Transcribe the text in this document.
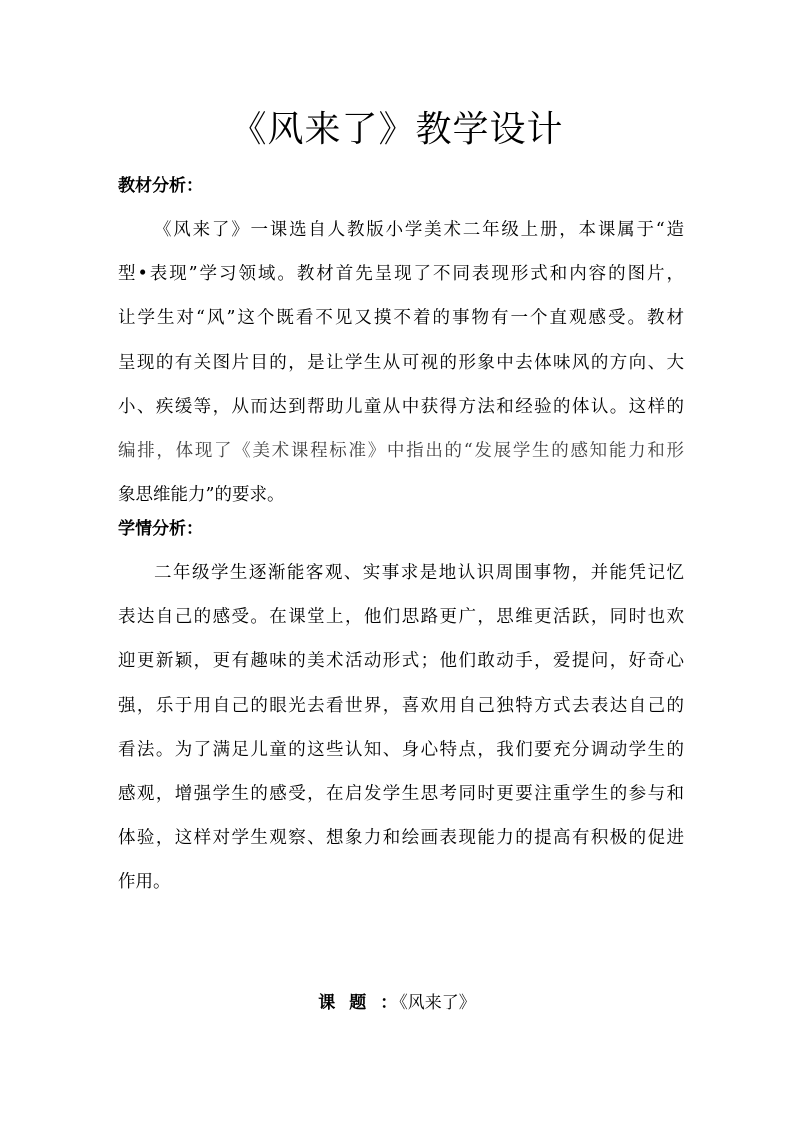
《风来了》教学设计
教材分析：
《风来了》一课选自人教版小学美术二年级上册，本课属于“造
型•表现”学习领域。教材首先呈现了不同表现形式和内容的图片，
让学生对“风”这个既看不见又摸不着的事物有一个直观感受。教材
呈现的有关图片目的，是让学生从可视的形象中去体味风的方向、大
小、疾缓等，从而达到帮助儿童从中获得方法和经验的体认。这样的
编排，体现了《美术课程标准》中指出的“发展学生的感知能力和形
象思维能力”的要求。
学情分析：
二年级学生逐渐能客观、实事求是地认识周围事物，并能凭记忆
表达自己的感受。在课堂上，他们思路更广，思维更活跃，同时也欢
迎更新颖，更有趣味的美术活动形式；他们敢动手，爱提问，好奇心
强，乐于用自己的眼光去看世界，喜欢用自己独特方式去表达自己的
看法。为了满足儿童的这些认知、身心特点，我们要充分调动学生的
感观，增强学生的感受，在启发学生思考同时更要注重学生的参与和
体验，这样对学生观察、想象力和绘画表现能力的提高有积极的促进
作用。
课题： 《风来了》
